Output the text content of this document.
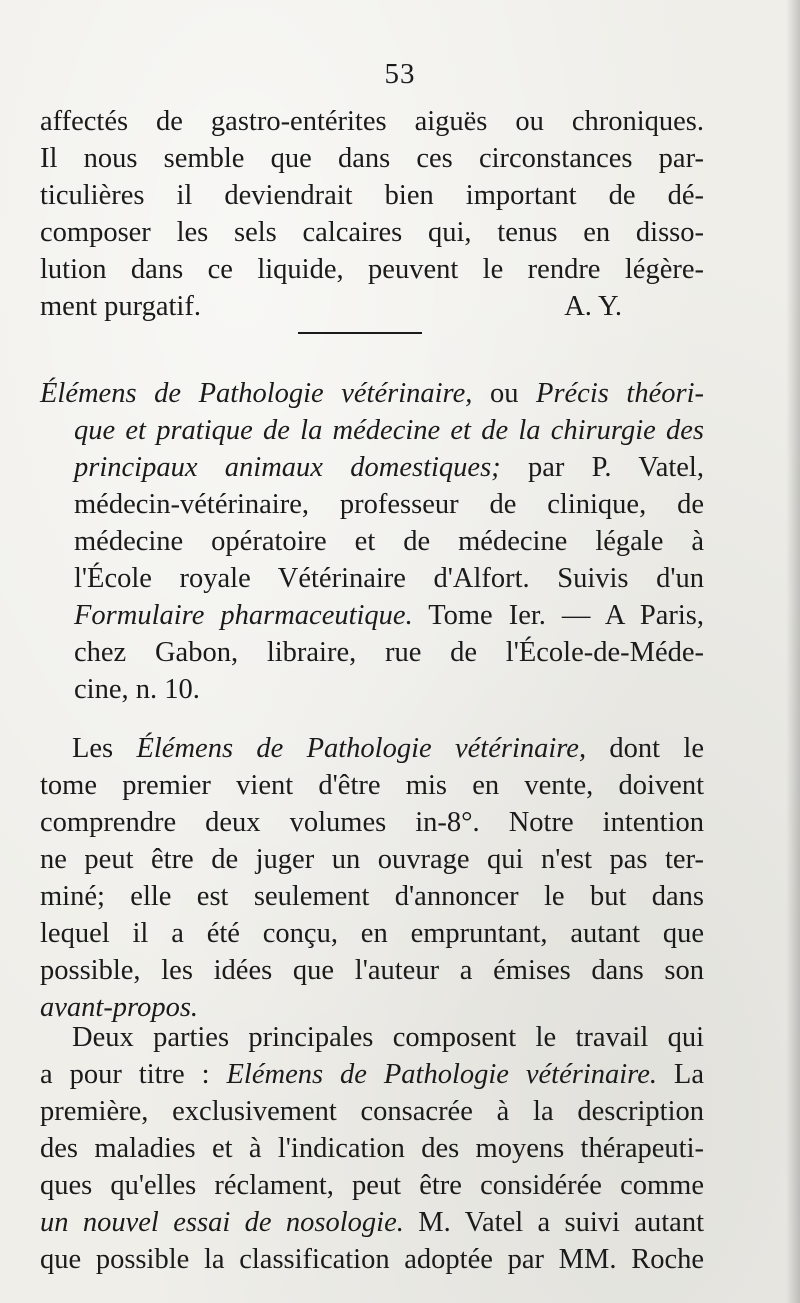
53
affectés de gastro-entérites aiguës ou chroniques.
Il nous semble que dans ces circonstances par-
ticulières il deviendrait bien important de dé-
composer les sels calcaires qui, tenus en disso-
lution dans ce liquide, peuvent le rendre légère-
ment purgatif.	A. Y.
Élémens de Pathologie vétérinaire, ou Précis théori-
que et pratique de la médecine et de la chirurgie des
principaux animaux domestiques; par P. Vatel,
médecin-vétérinaire, professeur de clinique, de
médecine opératoire et de médecine légale à
l'École royale Vétérinaire d'Alfort. Suivis d'un
Formulaire pharmaceutique. Tome Ier. — A Paris,
chez Gabon, libraire, rue de l'École-de-Méde-
cine, n. 10.
Les Élémens de Pathologie vétérinaire, dont le
tome premier vient d'être mis en vente, doivent
comprendre deux volumes in-8°. Notre intention
ne peut être de juger un ouvrage qui n'est pas ter-
miné; elle est seulement d'annoncer le but dans
lequel il a été conçu, en empruntant, autant que
possible, les idées que l'auteur a émises dans son
avant-propos.
Deux parties principales composent le travail qui
a pour titre : Elémens de Pathologie vétérinaire. La
première, exclusivement consacrée à la description
des maladies et à l'indication des moyens thérapeuti-
ques qu'elles réclament, peut être considérée comme
un nouvel essai de nosologie. M. Vatel a suivi autant
que possible la classification adoptée par MM. Roche
